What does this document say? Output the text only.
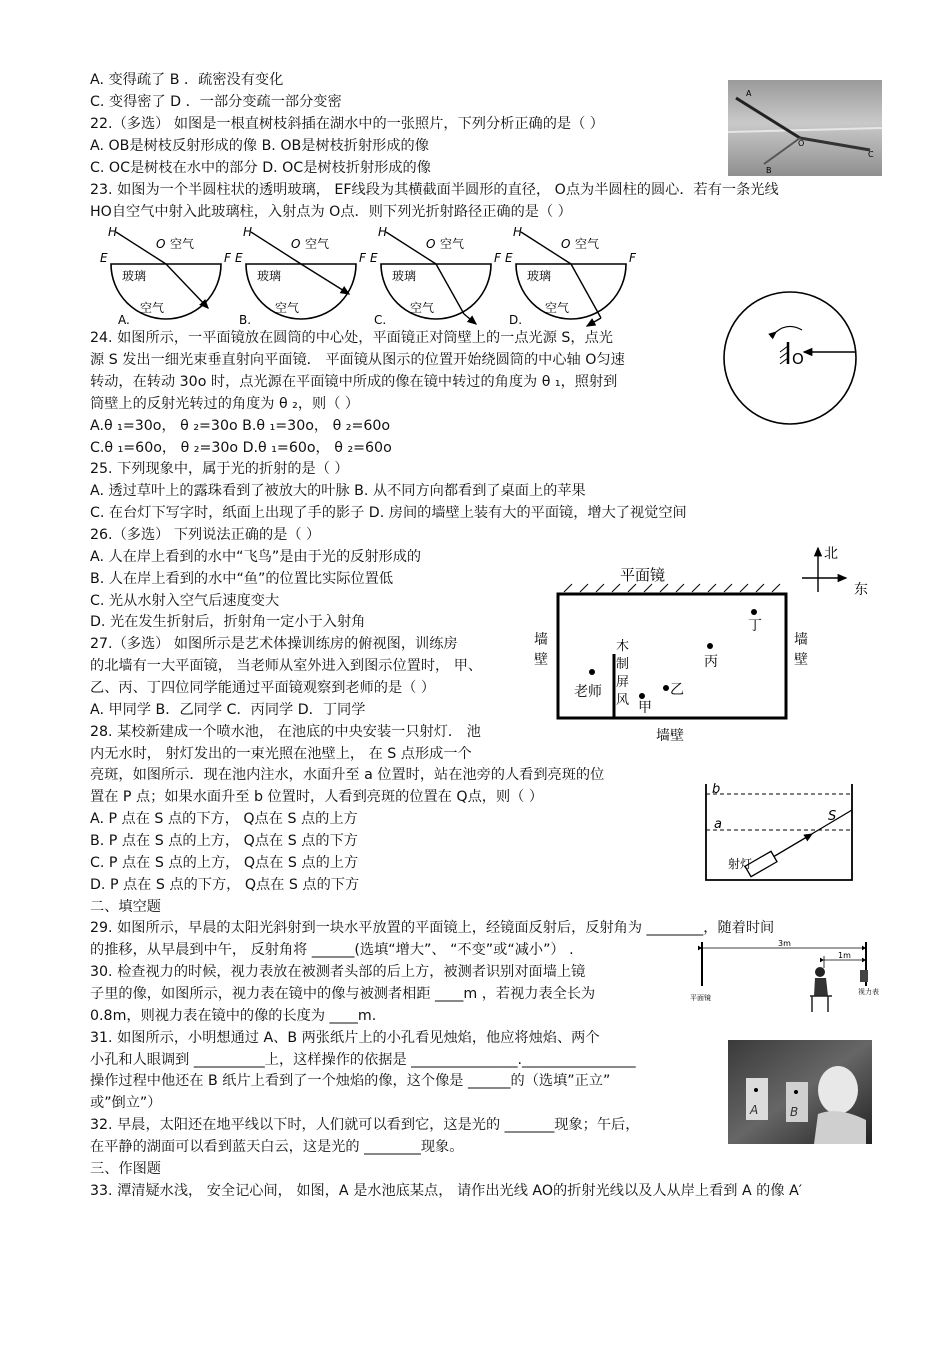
A. 变得疏了 B ．疏密没有变化
C. 变得密了 D ．一部分变疏一部分变密
22.（多选） 如图是一根直树枝斜插在湖水中的一张照片，下列分析正确的是（ ）
A. OB是树枝反射形成的像 B. OB是树枝折射形成的像
C. OC是树枝在水中的部分 D. OC是树枝折射形成的像
23. 如图为一个半圆柱状的透明玻璃， EF线段为其横截面半圆形的直径， O点为半圆柱的圆心．若有一条光线
HO自空气中射入此玻璃柱，入射点为 O点．则下列光折射路径正确的是（ ）
24. 如图所示，一平面镜放在圆筒的中心处，平面镜正对筒壁上的一点光源 S，点光
源 S 发出一细光束垂直射向平面镜． 平面镜从图示的位置开始绕圆筒的中心轴 O匀速
转动，在转动 30o 时，点光源在平面镜中所成的像在镜中转过的角度为 θ ₁，照射到
筒壁上的反射光转过的角度为 θ ₂，则（ ）
A.θ ₁=30o， θ ₂=30o B.θ ₁=30o， θ ₂=60o
C.θ ₁=60o， θ ₂=30o D.θ ₁=60o， θ ₂=60o
25. 下列现象中，属于光的折射的是（ ）
A. 透过草叶上的露珠看到了被放大的叶脉 B. 从不同方向都看到了桌面上的苹果
C. 在台灯下写字时，纸面上出现了手的影子 D. 房间的墙壁上装有大的平面镜，增大了视觉空间
26.（多选） 下列说法正确的是（ ）
A. 人在岸上看到的水中“飞鸟”是由于光的反射形成的
B. 人在岸上看到的水中“鱼”的位置比实际位置低
C. 光从水射入空气后速度变大
D. 光在发生折射后，折射角一定小于入射角
27.（多选） 如图所示是艺术体操训练房的俯视图，训练房
的北墙有一大平面镜， 当老师从室外进入到图示位置时， 甲、
乙、丙、丁四位同学能通过平面镜观察到老师的是（ ）
A. 甲同学 B．乙同学 C．丙同学 D．丁同学
28. 某校新建成一个喷水池， 在池底的中央安装一只射灯． 池
内无水时， 射灯发出的一束光照在池壁上， 在 S 点形成一个
亮斑，如图所示．现在池内注水，水面升至 a 位置时，站在池旁的人看到亮斑的位
置在 P 点；如果水面升至 b 位置时，人看到亮斑的位置在 Q点，则（ ）
A. P 点在 S 点的下方， Q点在 S 点的上方
B. P 点在 S 点的上方， Q点在 S 点的下方
C. P 点在 S 点的上方， Q点在 S 点的上方
D. P 点在 S 点的下方， Q点在 S 点的下方
二、填空题
29. 如图所示，早晨的太阳光斜射到一块水平放置的平面镜上，经镜面反射后，反射角为 ________，随着时间
的推移，从早晨到中午， 反射角将 ______(选填“增大”、 “不变”或“减小”） .
30. 检查视力的时候，视力表放在被测者头部的后上方，被测者识别对面墙上镜
子里的像，如图所示，视力表在镜中的像与被测者相距 ____m ，若视力表全长为
0.8m，则视力表在镜中的像的长度为 ____m.
31. 如图所示，小明想通过 A、B 两张纸片上的小孔看见烛焰，他应将烛焰、两个
小孔和人眼调到 __________上，这样操作的依据是 _______________.________________
操作过程中他还在 B 纸片上看到了一个烛焰的像，这个像是 ______的（选填”正立”
或”倒立”）
32. 早晨，太阳还在地平线以下时，人们就可以看到它，这是光的 _______现象；午后，
在平静的湖面可以看到蓝天白云，这是光的 ________现象。
三、作图题
33. 潭清疑水浅， 安全记心间， 如图，A 是水池底某点， 请作出光线 AO的折射光线以及人从岸上看到 A 的像 A′
A
O
B
C
H
O 空气
E
玻璃
F
空气
A.
H
O 空气
E
玻璃
F
空气
B.
H
O 空气
E
玻璃
F
空气
C.
H
O 空气
E
玻璃
F
空气
D.
O
北
东
平面镜
墙壁
墙壁
墙壁
木制屏风
老师
甲
乙
丙
丁
b
a
S
射灯
3m
1m
平面镜
视力表
A	B
